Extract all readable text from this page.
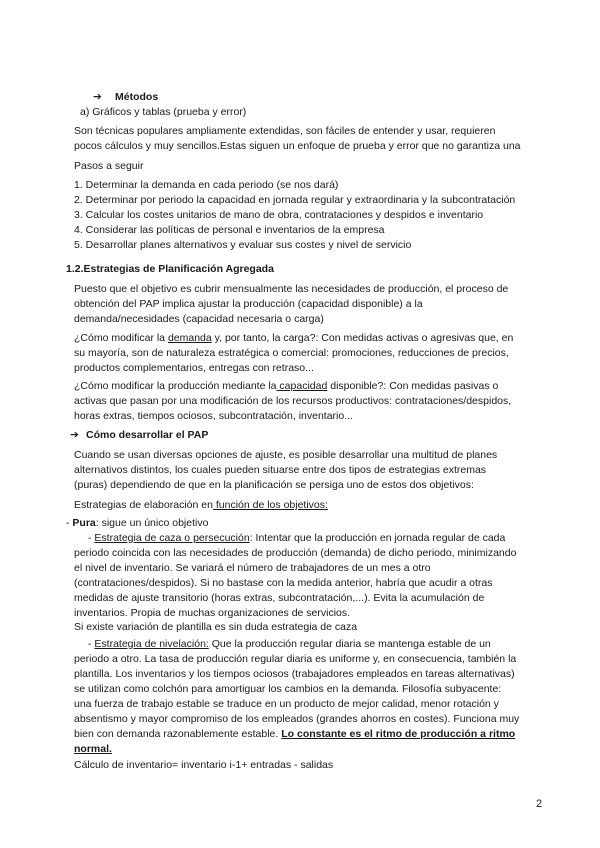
➔ Métodos
a) Gráficos y tablas (prueba y error)
Son técnicas populares ampliamente extendidas, son fáciles de entender y usar, requieren
pocos cálculos y muy sencillos.Estas siguen un enfoque de prueba y error que no garantiza una
Pasos a seguir
1. Determinar la demanda en cada periodo (se nos dará)
2. Determinar por periodo la capacidad en jornada regular y extraordinaria y la subcontratación
3. Calcular los costes unitarios de mano de obra, contrataciones y despidos e inventario
4. Considerar las políticas de personal e inventarios de la empresa
5. Desarrollar planes alternativos y evaluar sus costes y nivel de servicio
1.2.Estrategias de Planificación Agregada
Puesto que el objetivo es cubrir mensualmente las necesidades de producción, el proceso de
obtención del PAP implica ajustar la producción (capacidad disponible) a la
demanda/necesidades (capacidad necesaria o carga)
¿Cómo modificar la demanda y, por tanto, la carga?: Con medidas activas o agresivas que, en
su mayoría, son de naturaleza estratégica o comercial: promociones, reducciones de precios,
productos complementarios, entregas con retraso...
¿Cómo modificar la producción mediante la capacidad disponible?: Con medidas pasivas o
activas que pasan por una modificación de los recursos productivos: contrataciones/despidos,
horas extras, tiempos ociosos, subcontratación, inventario...
➔ Cómo desarrollar el PAP
Cuando se usan diversas opciones de ajuste, es posible desarrollar una multitud de planes
alternativos distintos, los cuales pueden situarse entre dos tipos de estrategias extremas
(puras) dependiendo de que en la planificación se persiga uno de estos dos objetivos:
Estrategias de elaboración en función de los objetivos:
- Pura: sigue un único objetivo
- Estrategia de caza o persecución: Intentar que la producción en jornada regular de cada
periodo coincida con las necesidades de producción (demanda) de dicho periodo, minimizando
el nivel de inventario. Se variará el número de trabajadores de un mes a otro
(contrataciones/despidos). Si no bastase con la medida anterior, habría que acudir a otras
medidas de ajuste transitorio (horas extras, subcontratación,...). Evita la acumulación de
inventarios. Propia de muchas organizaciones de servicios.
Si existe variación de plantilla es sin duda estrategia de caza
- Estrategia de nivelación: Que la producción regular diaria se mantenga estable de un
periodo a otro. La tasa de producción regular diaria es uniforme y, en consecuencia, también la
plantilla. Los inventarios y los tiempos ociosos (trabajadores empleados en tareas alternativas)
se utilizan como colchón para amortiguar los cambios en la demanda. Filosofía subyacente:
una fuerza de trabajo estable se traduce en un producto de mejor calidad, menor rotación y
absentismo y mayor compromiso de los empleados (grandes ahorros en costes). Funciona muy
bien con demanda razonablemente estable. Lo constante es el ritmo de producción a ritmo
normal.
Cálculo de inventario= inventario i-1+ entradas - salidas
2
